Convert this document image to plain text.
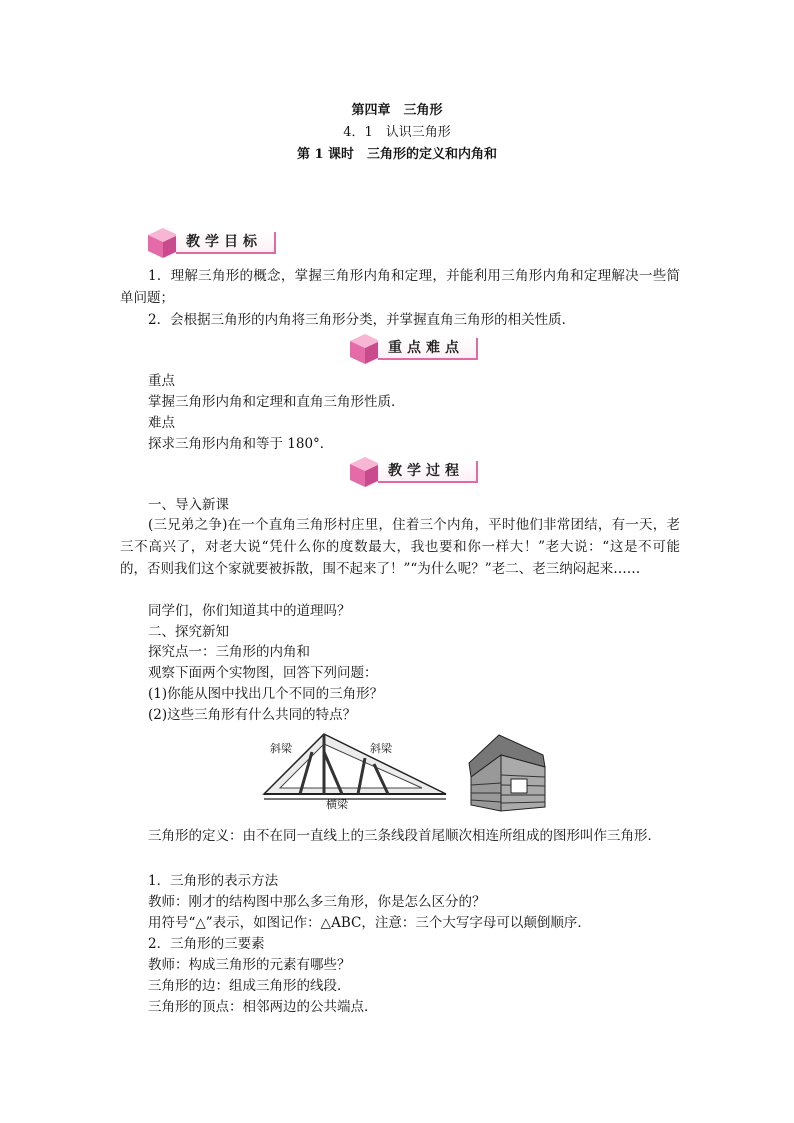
第四章　三角形
4．1　认识三角形
第 1 课时　三角形的定义和内角和
教学目标
1．理解三角形的概念，掌握三角形内角和定理，并能利用三角形内角和定理解决一些简单问题；
2．会根据三角形的内角将三角形分类，并掌握直角三角形的相关性质．
重点难点
重点
掌握三角形内角和定理和直角三角形性质．
难点
探求三角形内角和等于 180°．
教学过程
一、导入新课
(三兄弟之争)在一个直角三角形村庄里，住着三个内角，平时他们非常团结，有一天，老三不高兴了，对老大说“凭什么你的度数最大，我也要和你一样大！”老大说：“这是不可能的，否则我们这个家就要被拆散，围不起来了！”“为什么呢？”老二、老三纳闷起来……
同学们，你们知道其中的道理吗？
二、探究新知
探究点一：三角形的内角和
观察下面两个实物图，回答下列问题：
(1)你能从图中找出几个不同的三角形？
(2)这些三角形有什么共同的特点？
斜梁	斜梁
横梁
三角形的定义：由不在同一直线上的三条线段首尾顺次相连所组成的图形叫作三角形．
1．三角形的表示方法
教师：刚才的结构图中那么多三角形，你是怎么区分的？
用符号“△”表示，如图记作：△ABC，注意：三个大写字母可以颠倒顺序．
2．三角形的三要素
教师：构成三角形的元素有哪些？
三角形的边：组成三角形的线段．
三角形的顶点：相邻两边的公共端点．
